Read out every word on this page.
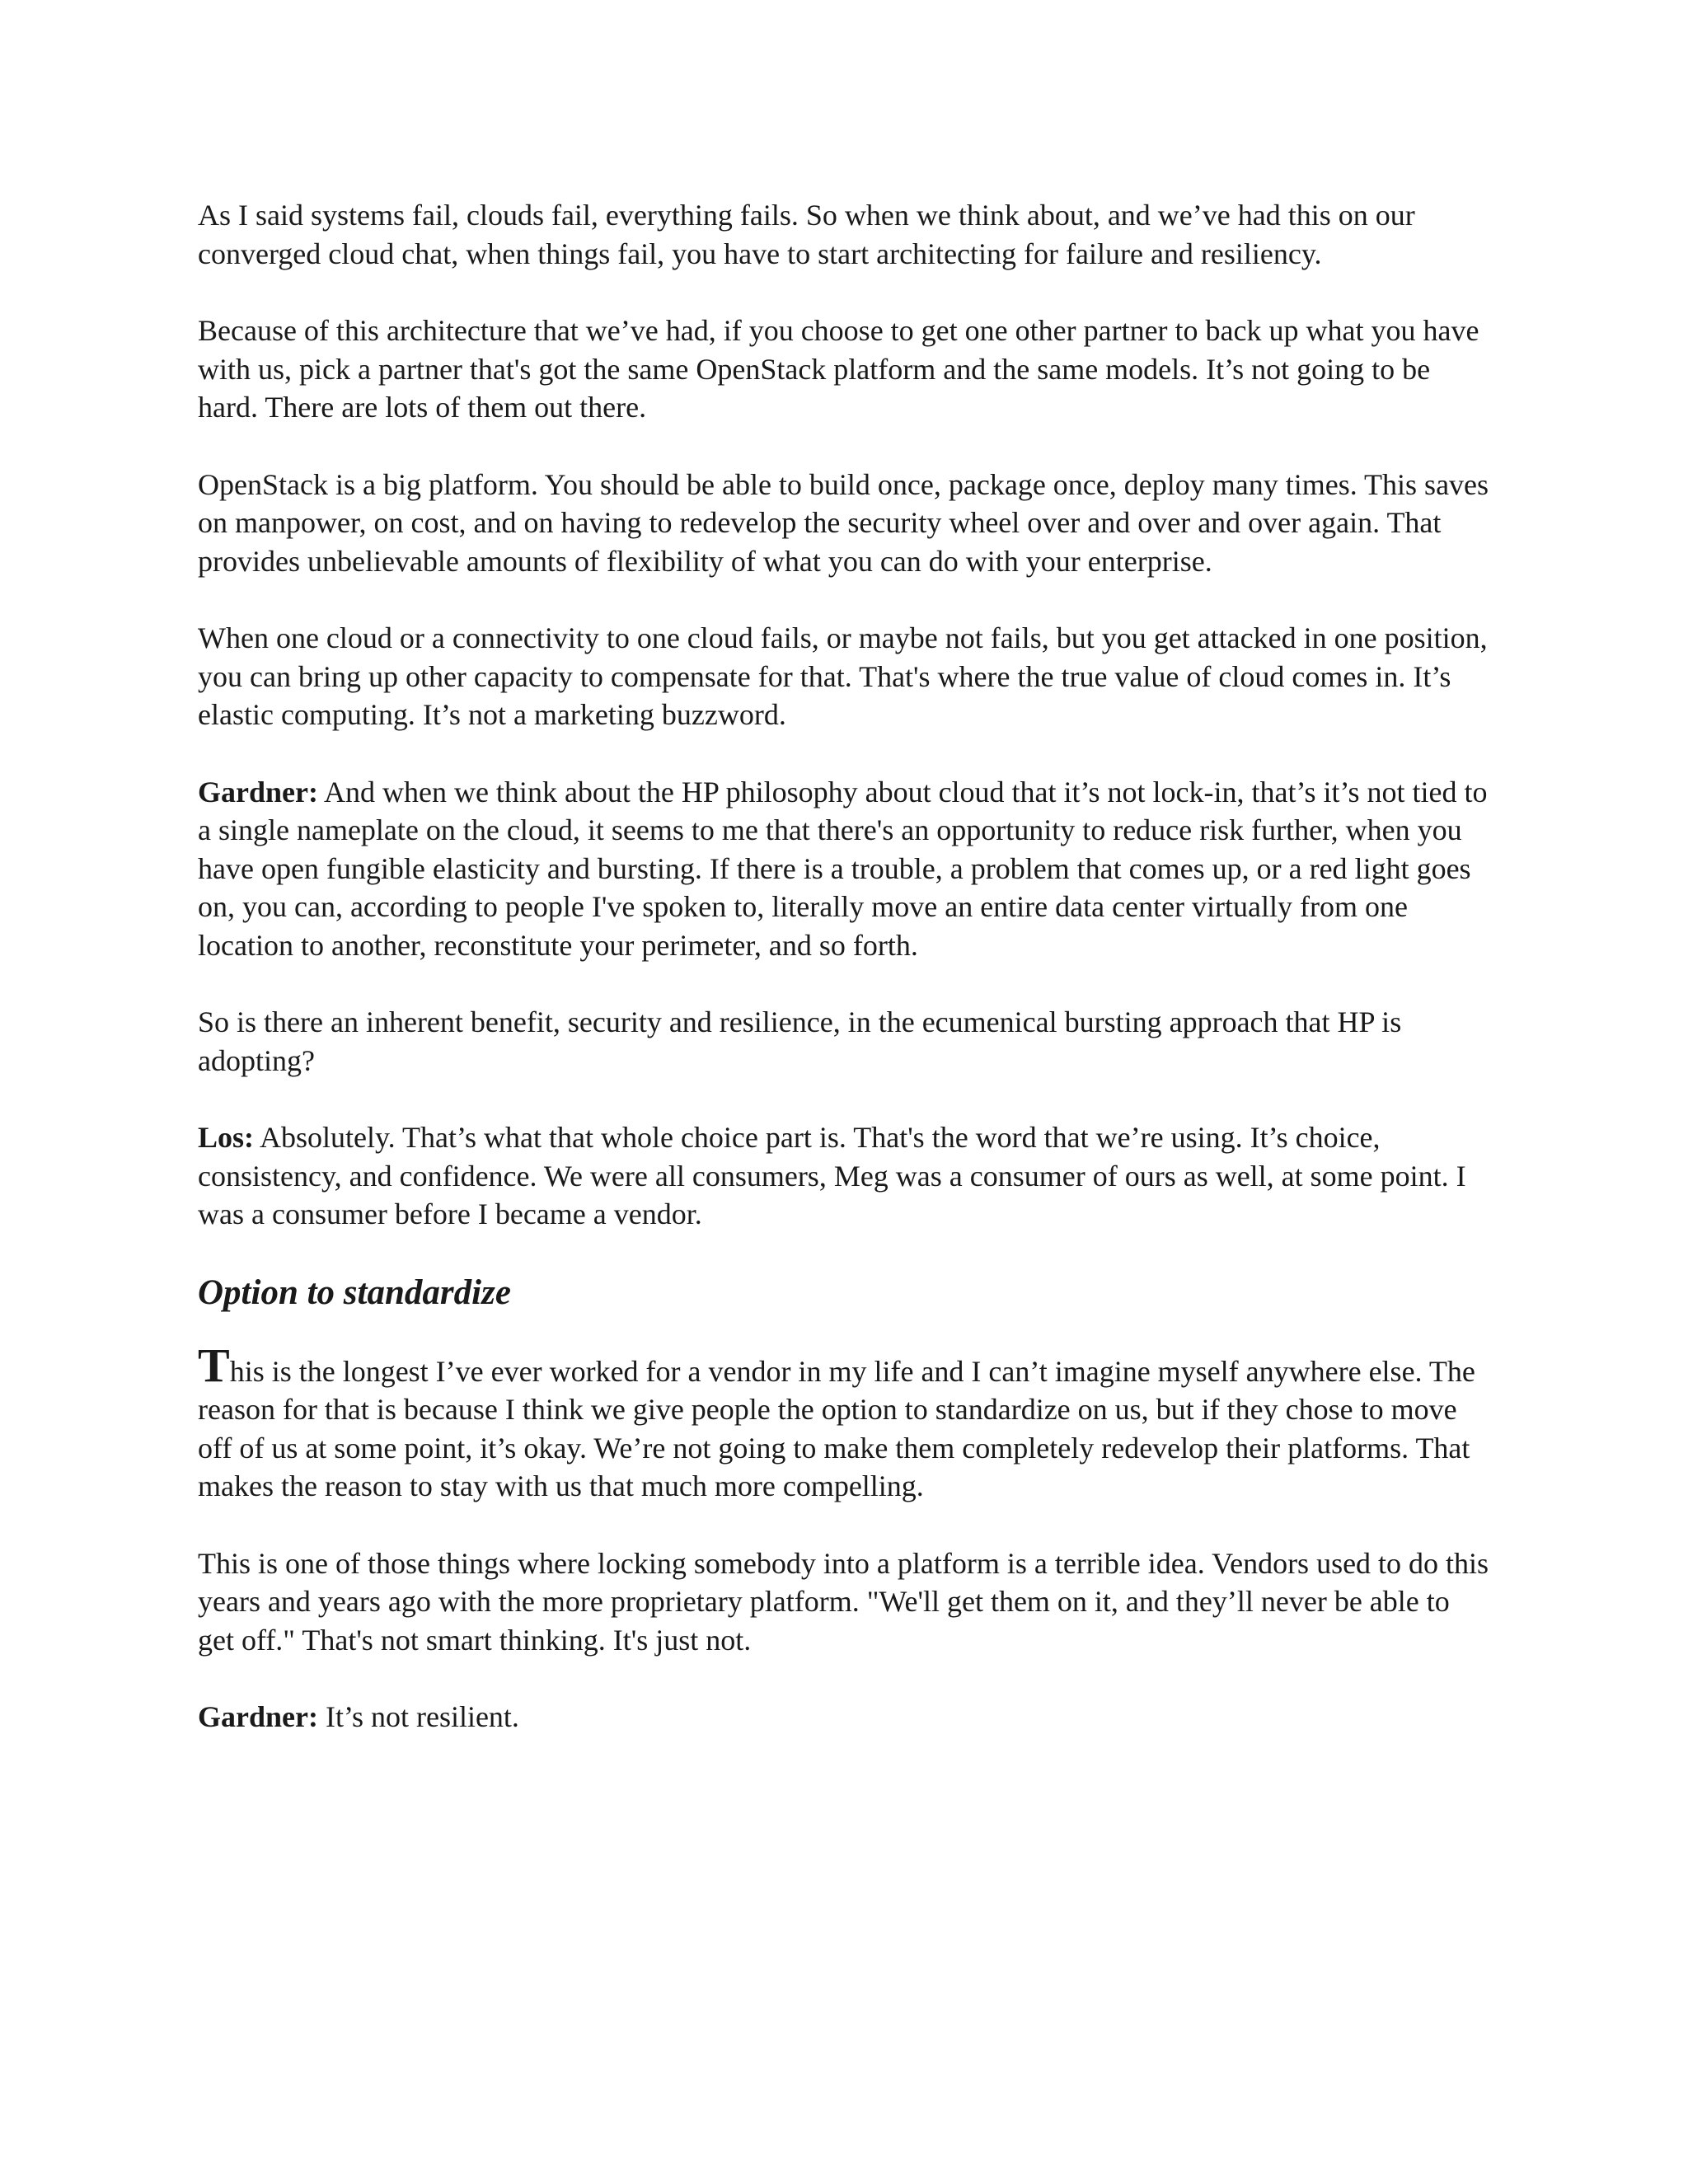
As I said systems fail, clouds fail, everything fails. So when we think about, and we’ve had this on our converged cloud chat, when things fail, you have to start architecting for failure and resiliency.

Because of this architecture that we’ve had, if you choose to get one other partner to back up what you have with us, pick a partner that's got the same OpenStack platform and the same models. It’s not going to be hard. There are lots of them out there.

OpenStack is a big platform. You should be able to build once, package once, deploy many times. This saves on manpower, on cost, and on having to redevelop the security wheel over and over and over again. That provides unbelievable amounts of flexibility of what you can do with your enterprise.

When one cloud or a connectivity to one cloud fails, or maybe not fails, but you get attacked in one position, you can bring up other capacity to compensate for that. That's where the true value of cloud comes in. It’s elastic computing. It’s not a marketing buzzword.

Gardner: And when we think about the HP philosophy about cloud that it’s not lock-in, that’s it’s not tied to a single nameplate on the cloud, it seems to me that there's an opportunity to reduce risk further, when you have open fungible elasticity and bursting. If there is a trouble, a problem that comes up, or a red light goes on, you can, according to people I've spoken to, literally move an entire data center virtually from one location to another, reconstitute your perimeter, and so forth.

So is there an inherent benefit, security and resilience, in the ecumenical bursting approach that HP is adopting?

Los: Absolutely. That’s what that whole choice part is. That's the word that we’re using. It’s choice, consistency, and confidence. We were all consumers, Meg was a consumer of ours as well, at some point. I was a consumer before I became a vendor.

Option to standardize

This is the longest I’ve ever worked for a vendor in my life and I can’t imagine myself anywhere else. The reason for that is because I think we give people the option to standardize on us, but if they chose to move off of us at some point, it’s okay. We’re not going to make them completely redevelop their platforms. That makes the reason to stay with us that much more compelling.

This is one of those things where locking somebody into a platform is a terrible idea. Vendors used to do this years and years ago with the more proprietary platform. "We'll get them on it, and they’ll never be able to get off." That's not smart thinking. It's just not.

Gardner: It’s not resilient.
